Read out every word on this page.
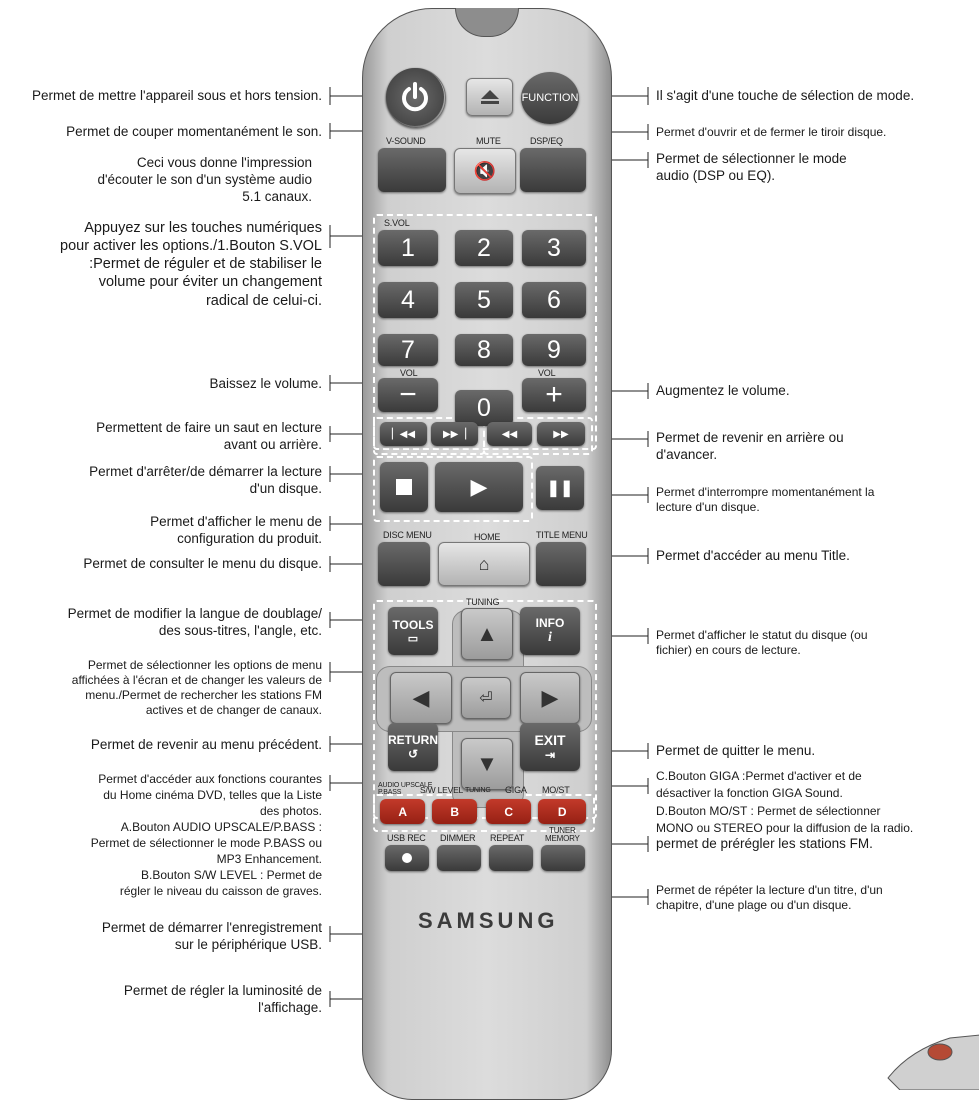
Permet de mettre l'appareil sous et hors tension.
Permet de couper momentanément le son.
Ceci vous donne l'impression
d'écouter le son d'un système audio
5.1 canaux.
Appuyez sur les touches numériques
pour activer les options./1.Bouton S.VOL
:Permet de réguler et de stabiliser le
volume pour éviter un changement
radical de celui-ci.
Baissez le volume.
Permettent de faire un saut en lecture
avant ou arrière.
Permet d'arrêter/de démarrer la lecture
d'un disque.
Permet d'afficher le menu de
configuration du produit.
Permet de consulter le menu du disque.
Permet de modifier la langue de doublage/
des sous-titres, l'angle, etc.
Permet de sélectionner les options de menu
affichées à l'écran et de changer les valeurs de
menu./Permet de rechercher les stations FM
actives et de changer de canaux.
Permet de revenir au menu précédent.
Permet d'accéder aux fonctions courantes
du Home cinéma DVD, telles que la Liste
des photos.
A.Bouton AUDIO UPSCALE/P.BASS :
Permet de sélectionner le mode P.BASS ou
MP3 Enhancement.
B.Bouton S/W LEVEL : Permet de
régler le niveau du caisson de graves.
Permet de démarrer l'enregistrement
sur le périphérique USB.
Permet de régler la luminosité de
l'affichage.
Il s'agit d'une touche de sélection de mode.
Permet d'ouvrir et de fermer le tiroir disque.
Permet de sélectionner le mode
audio (DSP ou EQ).
Augmentez le volume.
Permet de revenir en arrière ou
d'avancer.
Permet d'interrompre momentanément la
lecture d'un disque.
Permet d'accéder au menu Title.
Permet d'afficher le statut du disque (ou
fichier) en cours de lecture.
Permet de quitter le menu.
C.Bouton GIGA :Permet d'activer et de
désactiver la fonction GIGA Sound.
D.Bouton MO/ST : Permet de sélectionner
MONO ou STEREO pour la diffusion de la radio.
permet de prérégler les stations FM.
Permet de répéter la lecture d'un titre, d'un
chapitre, d'une plage ou d'un disque.
FUNCTION
V-SOUND	MUTE	DSP/EQ
🔇
S.VOL
1	2	3
4	5	6
7	8	9
VOL	VOL
−	0	+
▏◀◀	▶▶▕	◀◀	▶▶
▶	❚❚
DISC MENU	HOME	TITLE MENU
⌂
TUNING
TOOLS
▭	▲	INFO
i
◀	⏎ ▶
RETURN
↺	▼
EXIT
⇥
AUDIO UPSCALE
P.BASS	S/W LEVEL TUNING GIGA MO/ST
A	B	C	D
USB REC DIMMER REPEAT
TUNER
MEMORY
SAMSUNG
